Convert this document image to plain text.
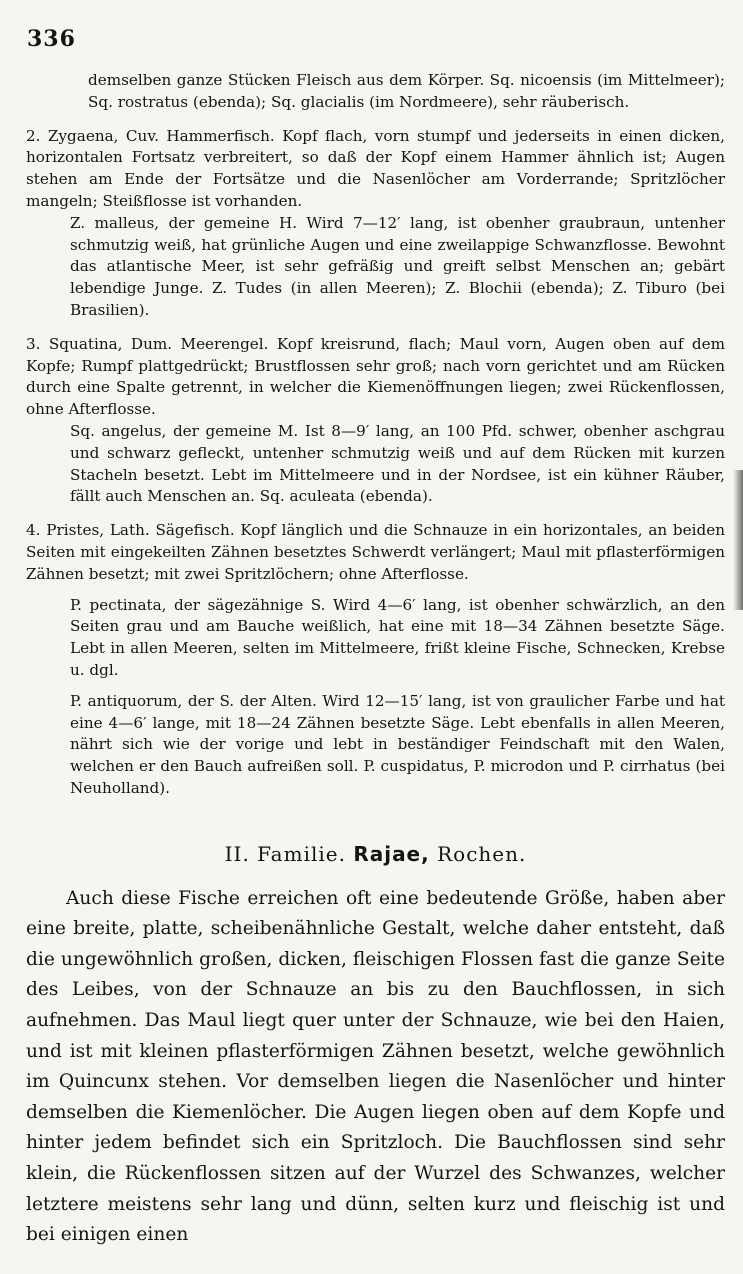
336

demselben ganze Stücken Fleisch aus dem Körper. Sq. nicoensis (im Mittelmeer); Sq. rostratus (ebenda); Sq. glacialis (im Nordmeere), sehr räuberisch.

2. Zygaena, Cuv. Hammerfisch. Kopf flach, vorn stumpf und jederseits in einen dicken, horizontalen Fortsatz verbreitert, so daß der Kopf einem Hammer ähnlich ist; Augen stehen am Ende der Fortsätze und die Nasenlöcher am Vorderrande; Spritzlöcher mangeln; Steißflosse ist vorhanden.

Z. malleus, der gemeine H. Wird 7—12′ lang, ist obenher graubraun, untenher schmutzig weiß, hat grünliche Augen und eine zweilappige Schwanzflosse. Bewohnt das atlantische Meer, ist sehr gefräßig und greift selbst Menschen an; gebärt lebendige Junge. Z. Tudes (in allen Meeren); Z. Blochii (ebenda); Z. Tiburo (bei Brasilien).

3. Squatina, Dum. Meerengel. Kopf kreisrund, flach; Maul vorn, Augen oben auf dem Kopfe; Rumpf plattgedrückt; Brustflossen sehr groß; nach vorn gerichtet und am Rücken durch eine Spalte getrennt, in welcher die Kiemenöffnungen liegen; zwei Rückenflossen, ohne Afterflosse.

Sq. angelus, der gemeine M. Ist 8—9′ lang, an 100 Pfd. schwer, obenher aschgrau und schwarz gefleckt, untenher schmutzig weiß und auf dem Rücken mit kurzen Stacheln besetzt. Lebt im Mittelmeere und in der Nordsee, ist ein kühner Räuber, fällt auch Menschen an. Sq. aculeata (ebenda).

4. Pristes, Lath. Sägefisch. Kopf länglich und die Schnauze in ein horizontales, an beiden Seiten mit eingekeilten Zähnen besetztes Schwerdt verlängert; Maul mit pflasterförmigen Zähnen besetzt; mit zwei Spritzlöchern; ohne Afterflosse.

P. pectinata, der sägezähnige S. Wird 4—6′ lang, ist obenher schwärzlich, an den Seiten grau und am Bauche weißlich, hat eine mit 18—34 Zähnen besetzte Säge. Lebt in allen Meeren, selten im Mittelmeere, frißt kleine Fische, Schnecken, Krebse u. dgl.

P. antiquorum, der S. der Alten. Wird 12—15′ lang, ist von graulicher Farbe und hat eine 4—6′ lange, mit 18—24 Zähnen besetzte Säge. Lebt ebenfalls in allen Meeren, nährt sich wie der vorige und lebt in beständiger Feindschaft mit den Walen, welchen er den Bauch aufreißen soll. P. cuspidatus, P. microdon und P. cirrhatus (bei Neuholland).

II. Familie. Rajae, Rochen.

Auch diese Fische erreichen oft eine bedeutende Größe, haben aber eine breite, platte, scheibenähnliche Gestalt, welche daher entsteht, daß die ungewöhnlich großen, dicken, fleischigen Flossen fast die ganze Seite des Leibes, von der Schnauze an bis zu den Bauchflossen, in sich aufnehmen. Das Maul liegt quer unter der Schnauze, wie bei den Haien, und ist mit kleinen pflasterförmigen Zähnen besetzt, welche gewöhnlich im Quincunx stehen. Vor demselben liegen die Nasenlöcher und hinter demselben die Kiemenlöcher. Die Augen liegen oben auf dem Kopfe und hinter jedem befindet sich ein Spritzloch. Die Bauchflossen sind sehr klein, die Rückenflossen sitzen auf der Wurzel des Schwanzes, welcher letztere meistens sehr lang und dünn, selten kurz und fleischig ist und bei einigen einen
